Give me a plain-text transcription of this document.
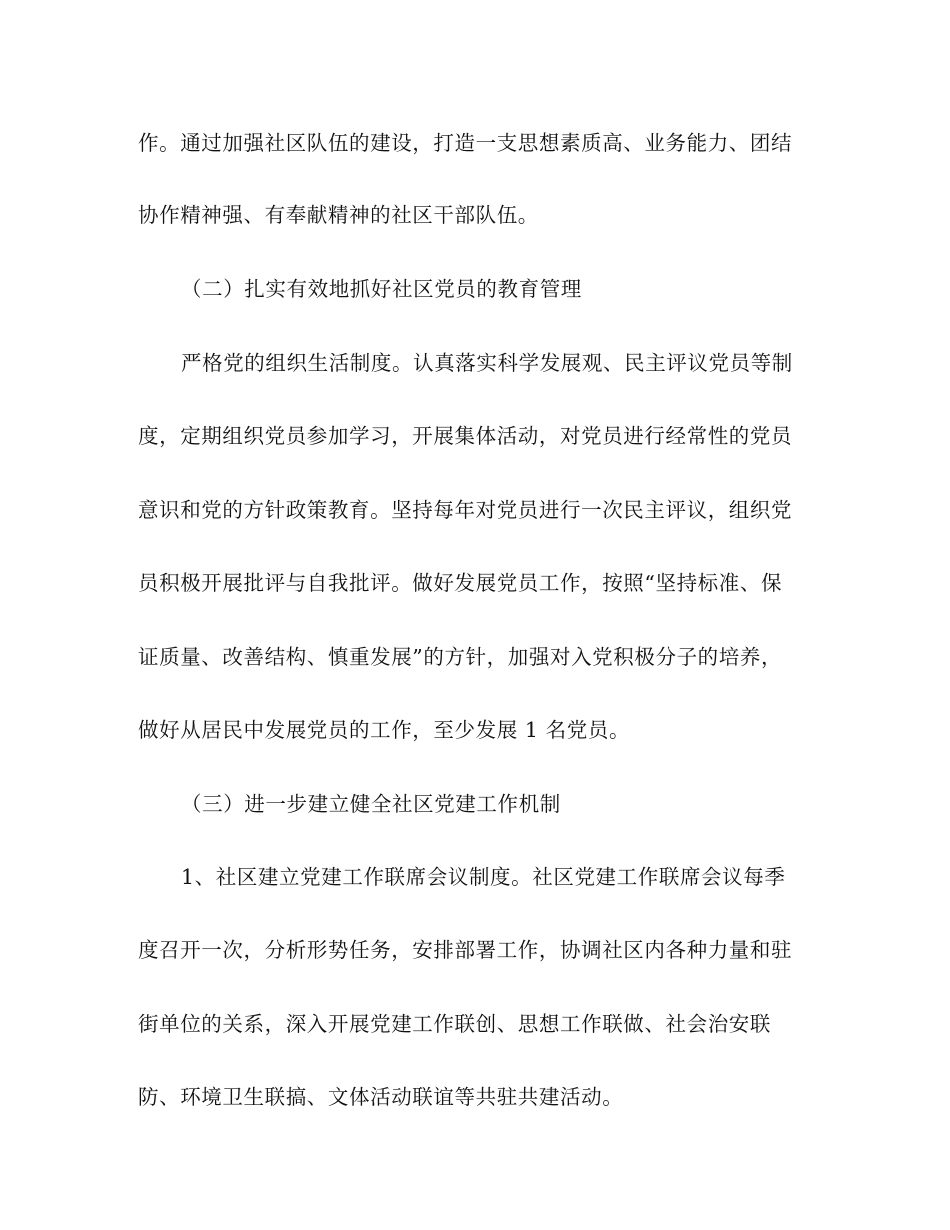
作。通过加强社区队伍的建设，打造一支思想素质高、业务能力、团结
协作精神强、有奉献精神的社区干部队伍。
（二）扎实有效地抓好社区党员的教育管理
严格党的组织生活制度。认真落实科学发展观、民主评议党员等制
度，定期组织党员参加学习，开展集体活动，对党员进行经常性的党员
意识和党的方针政策教育。坚持每年对党员进行一次民主评议，组织党
员积极开展批评与自我批评。做好发展党员工作，按照“坚持标准、保
证质量、改善结构、慎重发展”的方针，加强对入党积极分子的培养，
做好从居民中发展党员的工作，至少发展 1 名党员。
（三）进一步建立健全社区党建工作机制
1、社区建立党建工作联席会议制度。社区党建工作联席会议每季
度召开一次，分析形势任务，安排部署工作，协调社区内各种力量和驻
街单位的关系，深入开展党建工作联创、思想工作联做、社会治安联
防、环境卫生联搞、文体活动联谊等共驻共建活动。
